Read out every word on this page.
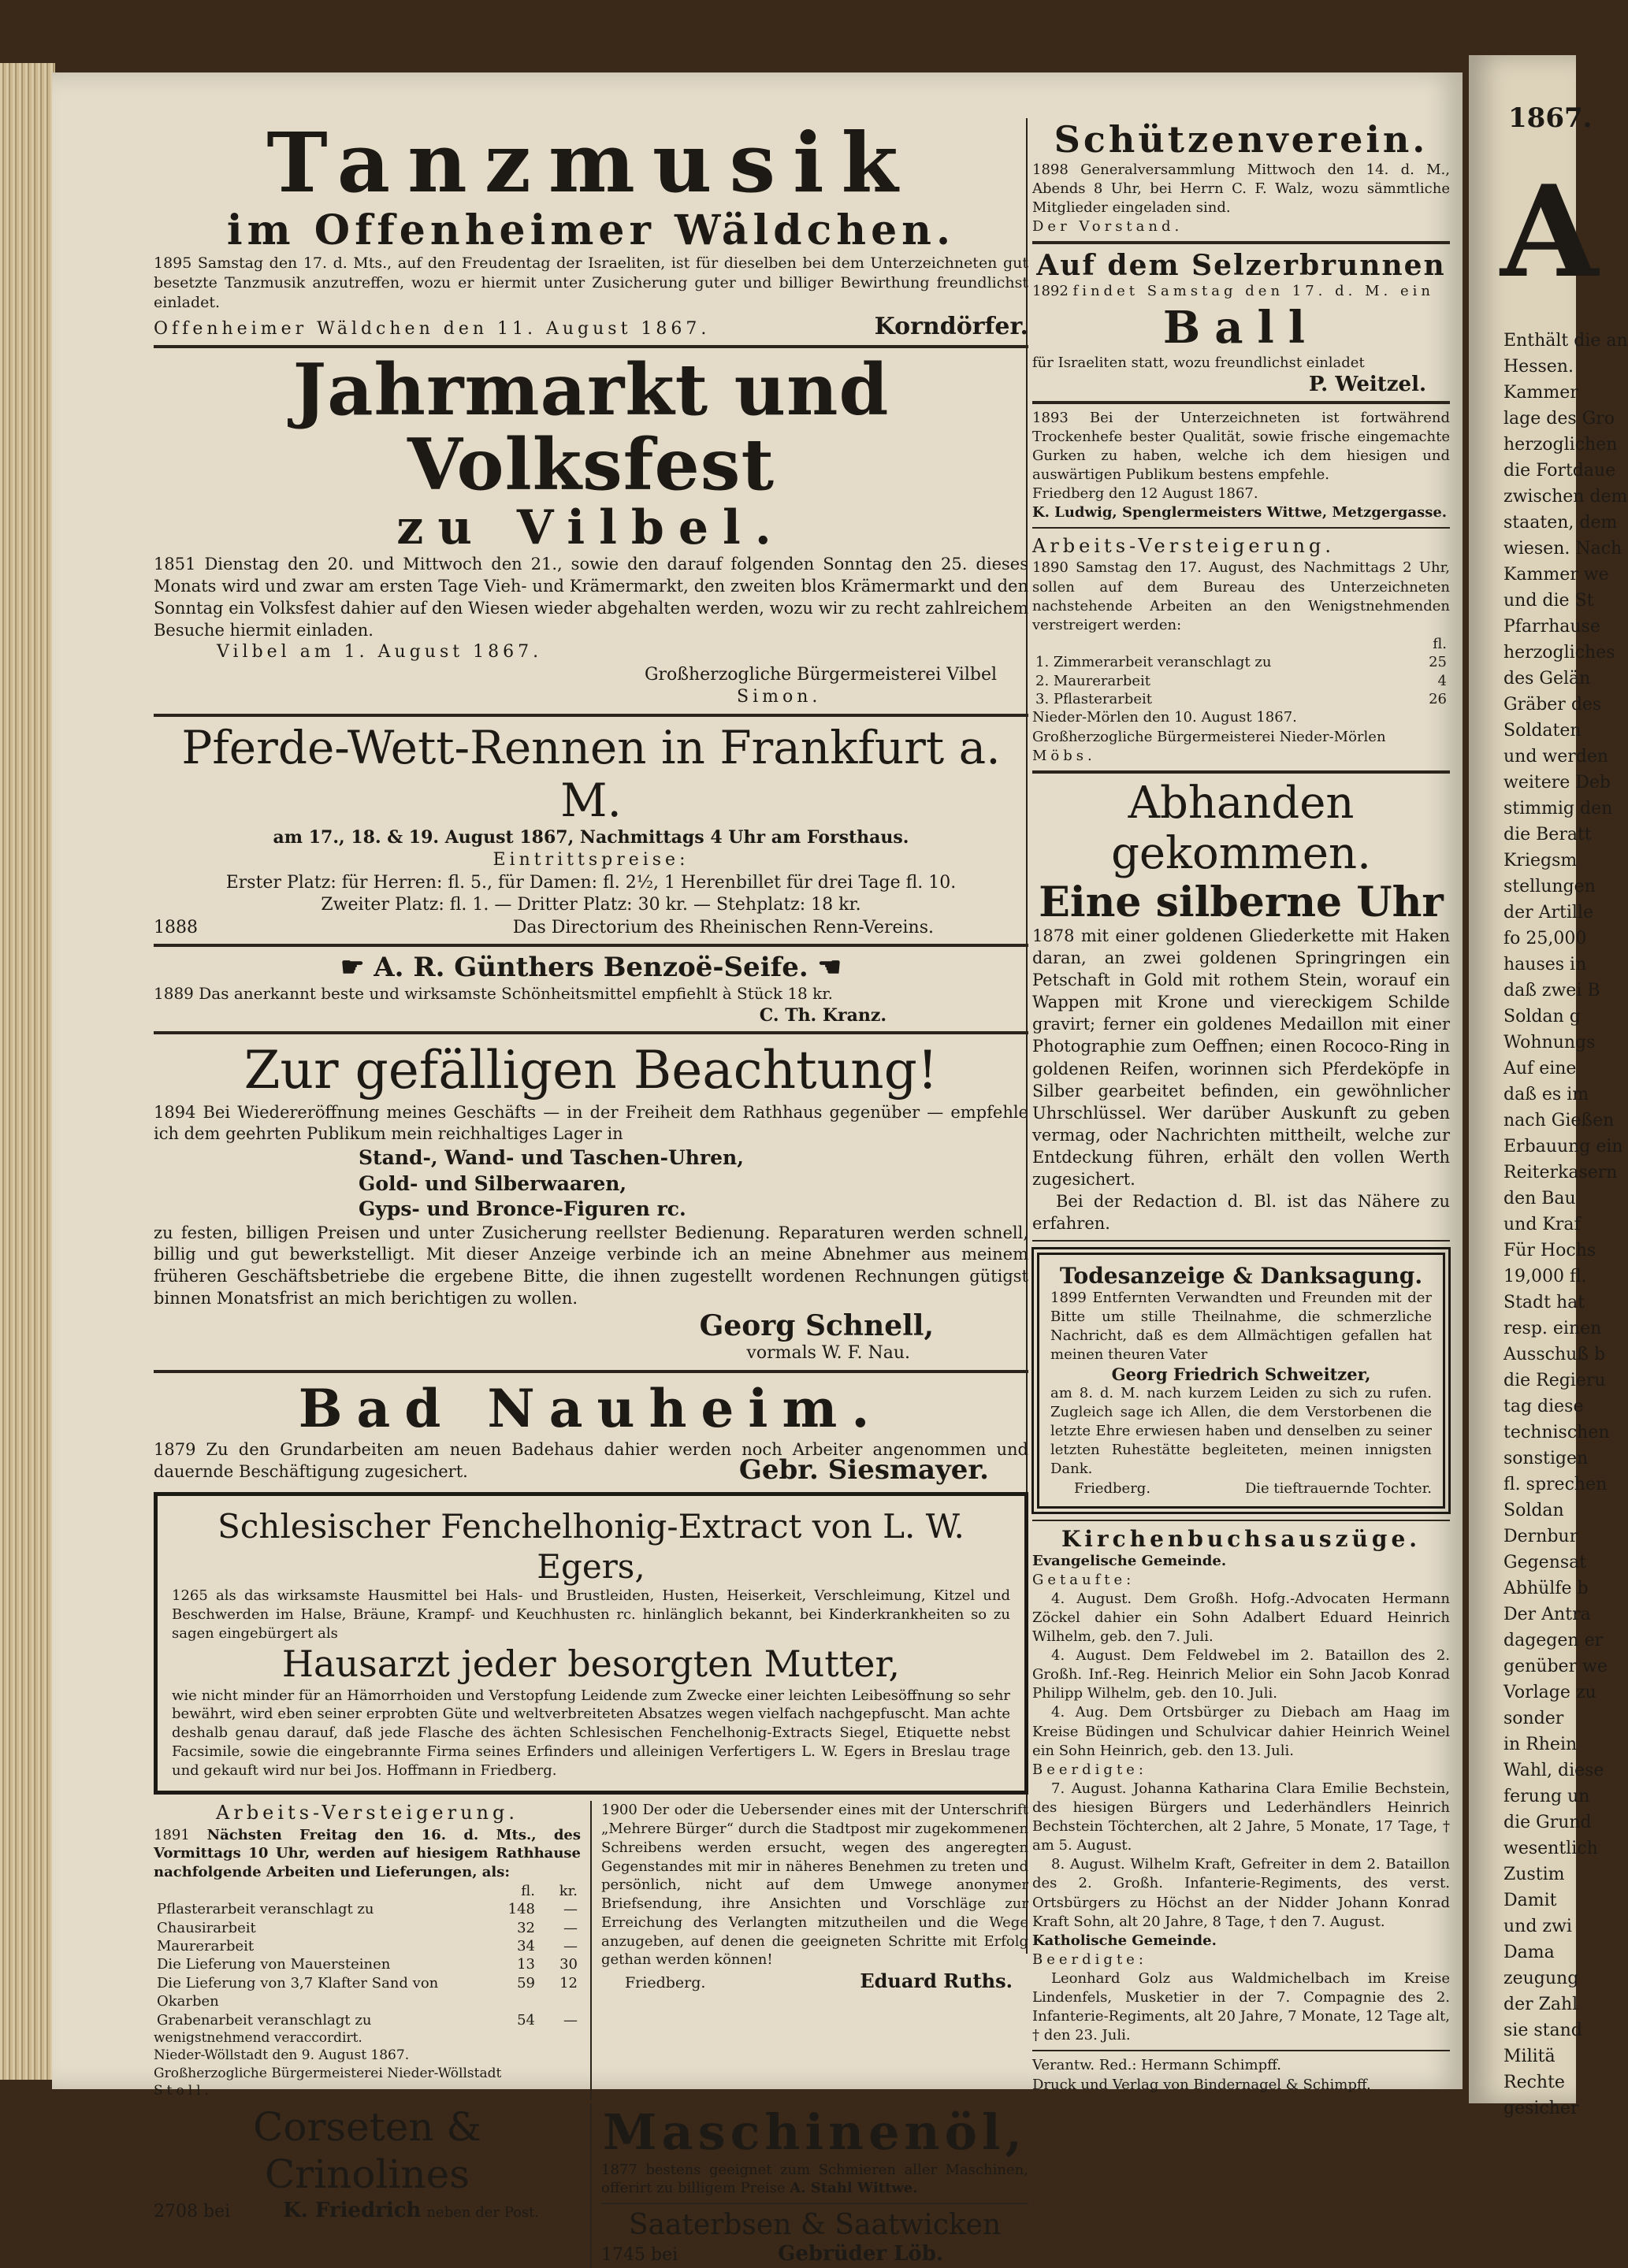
1867.
A
Enthält die an
Hessen.
Kammer
lage des Gro
herzoglichen
die Fortdaue
zwischen dem
staaten, dem
wiesen. Nach
Kammer we
und die St
Pfarrhause
herzogliches
des Gelän
Gräber des
Soldaten
und werden
weitere Deb
stimmig den
die Beratt
Kriegsm
stellungen
der Artille
fo 25,000
hauses in
daß zwei B
Soldan g
Wohnungs
Auf eine
daß es im
nach Gießen
Erbauung ein
Reiterkasern
den Bau
und Kraf
Für Hochs
19,000 fl.
Stadt hat
resp. einen
Ausschuß b
die Regieru
tag diese
technischen
sonstigen
fl. sprechen
Soldan
Dernbur
Gegensat
Abhülfe b
Der Antra
dagegen er
genüber we
Vorlage zu
sonder
in Rhein
Wahl, diese
ferung un
die Grund
wesentlich
Zustim
Damit
und zwi
Dama
zeugung
der Zahl
sie stand
Militä
Rechte
gesicher
Tanzmusik
im Offenheimer Wäldchen.

1895 Samstag den 17. d. Mts., auf den Freudentag der Israeliten, ist für dieselben bei dem Unterzeichneten gut besetzte Tanzmusik anzutreffen, wozu er hiermit unter Zusicherung guter und billiger Bewirthung freundlichst einladet.

Offenheimer Wäldchen den 11. August 1867.	Korndörfer.
Jahrmarkt und Volksfest
zu Vilbel.

1851 Dienstag den 20. und Mittwoch den 21., sowie den darauf folgenden Sonntag den 25. dieses Monats wird und zwar am ersten Tage Vieh- und Krämermarkt, den zweiten blos Krämermarkt und den Sonntag ein Volksfest dahier auf den Wiesen wieder abgehalten werden, wozu wir zu recht zahlreichem Besuche hiermit einladen.

Vilbel am 1. August 1867.

Großherzogliche Bürgermeisterei Vilbel

Simon.

Pferde-Wett-Rennen in Frankfurt a. M.

am 17., 18. & 19. August 1867, Nachmittags 4 Uhr am Forsthaus.

Eintrittspreise:

Erster Platz: für Herren: fl. 5., für Damen: fl. 2½, 1 Herenbillet für drei Tage fl. 10.

Zweiter Platz: fl. 1. — Dritter Platz: 30 kr. — Stehplatz: 18 kr.

1888	Das Directorium des Rheinischen Renn-Vereins.
☛ A. R. Günthers Benzoë-Seife. ☚

1889 Das anerkannt beste und wirksamste Schönheitsmittel empfiehlt à Stück 18 kr.

C. Th. Kranz.

Zur gefälligen Beachtung!

1894 Bei Wiedereröffnung meines Geschäfts — in der Freiheit dem Rathhaus gegenüber — empfehle ich dem geehrten Publikum mein reichhaltiges Lager in

Stand-, Wand- und Taschen-Uhren,

Gold- und Silberwaaren,

Gyps- und Bronce-Figuren rc.

zu festen, billigen Preisen und unter Zusicherung reellster Bedienung. Reparaturen werden schnell, billig und gut bewerkstelligt. Mit dieser Anzeige verbinde ich an meine Abnehmer aus meinem früheren Geschäftsbetriebe die ergebene Bitte, die ihnen zugestellt wordenen Rechnungen gütigst binnen Monatsfrist an mich berichtigen zu wollen.

Georg Schnell,

vormals W. F. Nau.

Bad Nauheim.

1879 Zu den Grundarbeiten am neuen Badehaus dahier werden noch Arbeiter angenommen und dauernde Beschäftigung zugesichert.	Gebr. Siesmayer.

Schlesischer Fenchelhonig-Extract von L. W. Egers,

1265 als das wirksamste Hausmittel bei Hals- und Brustleiden, Husten, Heiserkeit, Verschleimung, Kitzel und Beschwerden im Halse, Bräune, Krampf- und Keuchhusten rc. hinlänglich bekannt, bei Kinderkrankheiten so zu sagen eingebürgert als

Hausarzt jeder besorgten Mutter,

wie nicht minder für an Hämorrhoiden und Verstopfung Leidende zum Zwecke einer leichten Leibesöffnung so sehr bewährt, wird eben seiner erprobten Güte und weltverbreiteten Absatzes wegen vielfach nachgepfuscht. Man achte deshalb genau darauf, daß jede Flasche des ächten Schlesischen Fenchelhonig-Extracts Siegel, Etiquette nebst Facsimile, sowie die eingebrannte Firma seines Erfinders und alleinigen Verfertigers L. W. Egers in Breslau trage und gekauft wird nur bei Jos. Hoffmann in Friedberg.

Arbeits-Versteigerung.

1891 Nächsten Freitag den 16. d. Mts., des Vormittags 10 Uhr, werden auf hiesigem Rathhause nachfolgende Arbeiten und Lieferungen, als:

	fl.	kr.
Pflasterarbeit veranschlagt zu	148	—
Chausirarbeit	32	—
Maurerarbeit	34	—
Die Lieferung von Mauersteinen	13	30
Die Lieferung von 3,7 Klafter Sand von Okarben	59	12
Grabenarbeit veranschlagt zu	54	—

wenigstnehmend veraccordirt.

Nieder-Wöllstadt den 9. August 1867.

Großherzogliche Bürgermeisterei Nieder-Wöllstadt

Stoll.

1900 Der oder die Uebersender eines mit der Unterschrift „Mehrere Bürger“ durch die Stadtpost mir zugekommenen Schreibens werden ersucht, wegen des angeregten Gegenstandes mit mir in näheres Benehmen zu treten und persönlich, nicht auf dem Umwege anonymer Briefsendung, ihre Ansichten und Vorschläge zur Erreichung des Verlangten mitzutheilen und die Wege anzugeben, auf denen die geeigneten Schritte mit Erfolg gethan werden können!

Friedberg.	Eduard Ruths.
Corseten & Crinolines

2708 bei	K. Friedrich neben der Post.

Maschinenöl,

1877 bestens geeignet zum Schmieren aller Maschinen, offerirt zu billigem Preise A. Stahl Wittwe.

Saaterbsen & Saatwicken

1745 bei	Gebrüder Löb.

Schützenverein.

1898 Generalversammlung Mittwoch den 14. d. M., Abends 8 Uhr, bei Herrn C. F. Walz, wozu sämmtliche Mitglieder eingeladen sind.

Der Vorstand.

Auf dem Selzerbrunnen

1892 findet Samstag den 17. d. M. ein

Ball

für Israeliten statt, wozu freundlichst einladet

P. Weitzel.

1893 Bei der Unterzeichneten ist fortwährend Trockenhefe bester Qualität, sowie frische eingemachte Gurken zu haben, welche ich dem hiesigen und auswärtigen Publikum bestens empfehle.

Friedberg den 12 August 1867.

K. Ludwig, Spenglermeisters Wittwe, Metzgergasse.

Arbeits-Versteigerung.

1890 Samstag den 17. August, des Nachmittags 2 Uhr, sollen auf dem Bureau des Unterzeichneten nachstehende Arbeiten an den Wenigstnehmenden verstreigert werden:

	fl.
1. Zimmerarbeit veranschlagt zu	25
2. Maurerarbeit	4
3. Pflasterarbeit	26

Nieder-Mörlen den 10. August 1867.

Großherzogliche Bürgermeisterei Nieder-Mörlen

Möbs.

Abhanden gekommen.
Eine silberne Uhr

1878 mit einer goldenen Gliederkette mit Haken daran, an zwei goldenen Springringen ein Petschaft in Gold mit rothem Stein, worauf ein Wappen mit Krone und viereckigem Schilde gravirt; ferner ein goldenes Medaillon mit einer Photographie zum Oeffnen; einen Rococo-Ring in goldenen Reifen, worinnen sich Pferdeköpfe in Silber gearbeitet befinden, ein gewöhnlicher Uhrschlüssel. Wer darüber Auskunft zu geben vermag, oder Nachrichten mittheilt, welche zur Entdeckung führen, erhält den vollen Werth zugesichert.

Bei der Redaction d. Bl. ist das Nähere zu erfahren.

Todesanzeige & Danksagung.

1899 Entfernten Verwandten und Freunden mit der Bitte um stille Theilnahme, die schmerzliche Nachricht, daß es dem Allmächtigen gefallen hat meinen theuren Vater

Georg Friedrich Schweitzer,

am 8. d. M. nach kurzem Leiden zu sich zu rufen. Zugleich sage ich Allen, die dem Verstorbenen die letzte Ehre erwiesen haben und denselben zu seiner letzten Ruhestätte begleiteten, meinen innigsten Dank.

Friedberg.	Die tieftrauernde Tochter.

Kirchenbuchsauszüge.

Evangelische Gemeinde.

Getaufte:

4. August. Dem Großh. Hofg.-Advocaten Hermann Zöckel dahier ein Sohn Adalbert Eduard Heinrich Wilhelm, geb. den 7. Juli.

4. August. Dem Feldwebel im 2. Bataillon des 2. Großh. Inf.-Reg. Heinrich Melior ein Sohn Jacob Konrad Philipp Wilhelm, geb. den 10. Juli.

4. Aug. Dem Ortsbürger zu Diebach am Haag im Kreise Büdingen und Schulvicar dahier Heinrich Weinel ein Sohn Heinrich, geb. den 13. Juli.

Beerdigte:

7. August. Johanna Katharina Clara Emilie Bechstein, des hiesigen Bürgers und Lederhändlers Heinrich Bechstein Töchterchen, alt 2 Jahre, 5 Monate, 17 Tage, † am 5. August.

8. August. Wilhelm Kraft, Gefreiter in dem 2. Bataillon des 2. Großh. Infanterie-Regiments, des verst. Ortsbürgers zu Höchst an der Nidder Johann Konrad Kraft Sohn, alt 20 Jahre, 8 Tage, † den 7. August.

Katholische Gemeinde.

Beerdigte:

Leonhard Golz aus Waldmichelbach im Kreise Lindenfels, Musketier in der 7. Compagnie des 2. Infanterie-Regiments, alt 20 Jahre, 7 Monate, 12 Tage alt, † den 23. Juli.

Verantw. Red.: Hermann Schimpff.

Druck und Verlag von Bindernagel & Schimpff.
